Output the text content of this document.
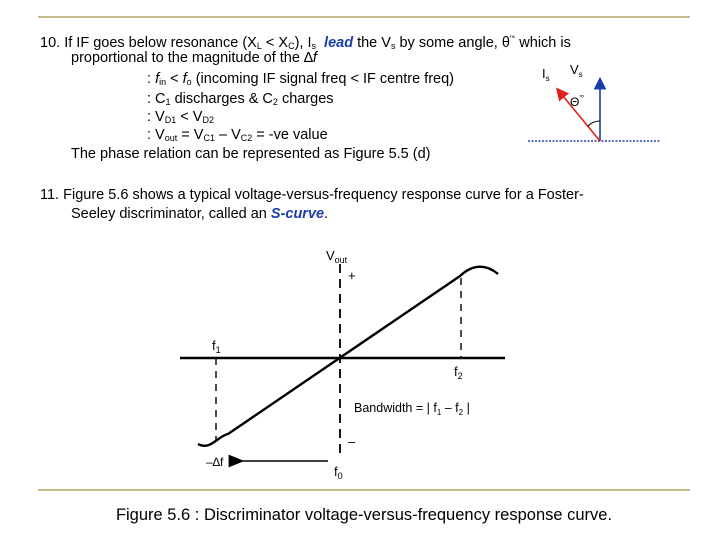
10. If IF goes below resonance $(X_L < X_C)$, $I_s$ lead the $V_s$ by some angle, θ'° which is
proportional to the magnitude of the ∆f
: $f_{in} < f_o$ (incoming IF signal freq < IF centre freq)
: $C_1$ discharges & $C_2$ charges
: $V_{D1} < V_{D2}$
: $V_{out} = V_{C1} - V_{C2} = -ve$ value
The phase relation can be represented as Figure 5.5 (d)
$I_s$
$V_s$
Θ'°
11. Figure 5.6 shows a typical voltage-versus-frequency response curve for a Foster-
Seeley discriminator, called an S-curve.
$V_{out}$
+
–
$f_1$
$f_2$
$f_0$
–∆f
Bandwidth = | $f_1 - f_2$ |
Figure 5.6 : Discriminator voltage-versus-frequency response curve.
